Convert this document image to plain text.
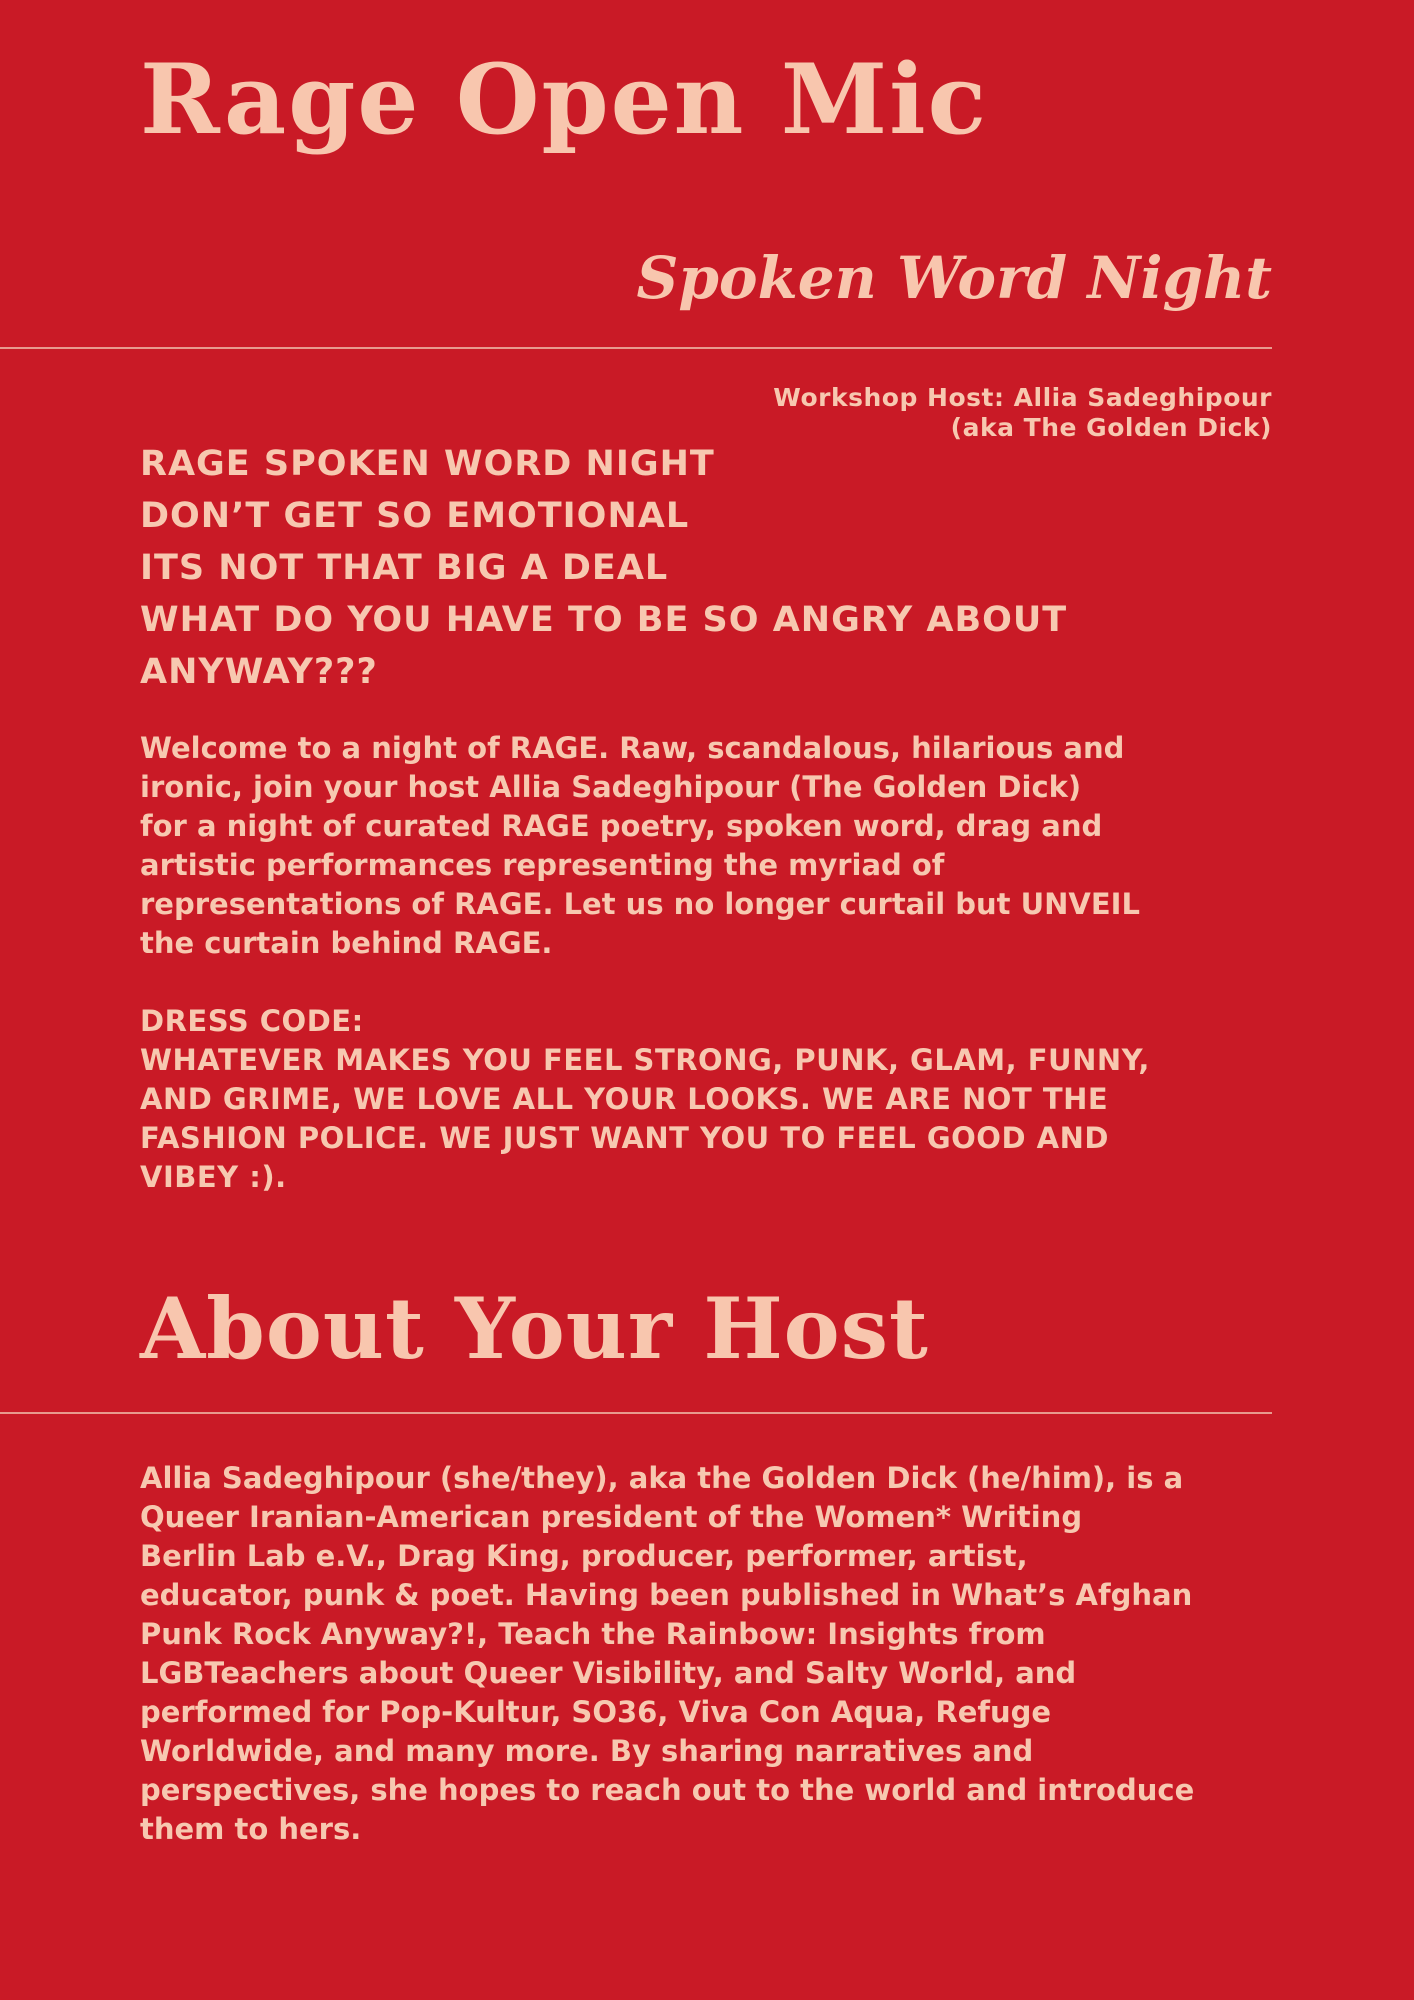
Rage Open Mic
Spoken Word Night
Workshop Host: Allia Sadeghipour
(aka The Golden Dick)
RAGE SPOKEN WORD NIGHT
DON’T GET SO EMOTIONAL
ITS NOT THAT BIG A DEAL
WHAT DO YOU HAVE TO BE SO ANGRY ABOUT
ANYWAY???

Welcome to a night of RAGE. Raw, scandalous, hilarious and
ironic, join your host Allia Sadeghipour (The Golden Dick)
for a night of curated RAGE poetry, spoken word, drag and
artistic performances representing the myriad of
representations of RAGE. Let us no longer curtail but UNVEIL
the curtain behind RAGE.

DRESS CODE:
WHATEVER MAKES YOU FEEL STRONG, PUNK, GLAM, FUNNY,
AND GRIME, WE LOVE ALL YOUR LOOKS. WE ARE NOT THE
FASHION POLICE. WE JUST WANT YOU TO FEEL GOOD AND
VIBEY :).
About Your Host

Allia Sadeghipour (she/they), aka the Golden Dick (he/him), is a
Queer Iranian-American president of the Women* Writing
Berlin Lab e.V., Drag King, producer, performer, artist,
educator, punk & poet. Having been published in What’s Afghan
Punk Rock Anyway?!, Teach the Rainbow: Insights from
LGBTeachers about Queer Visibility, and Salty World, and
performed for Pop-Kultur, SO36, Viva Con Aqua, Refuge
Worldwide, and many more. By sharing narratives and
perspectives, she hopes to reach out to the world and introduce
them to hers.
